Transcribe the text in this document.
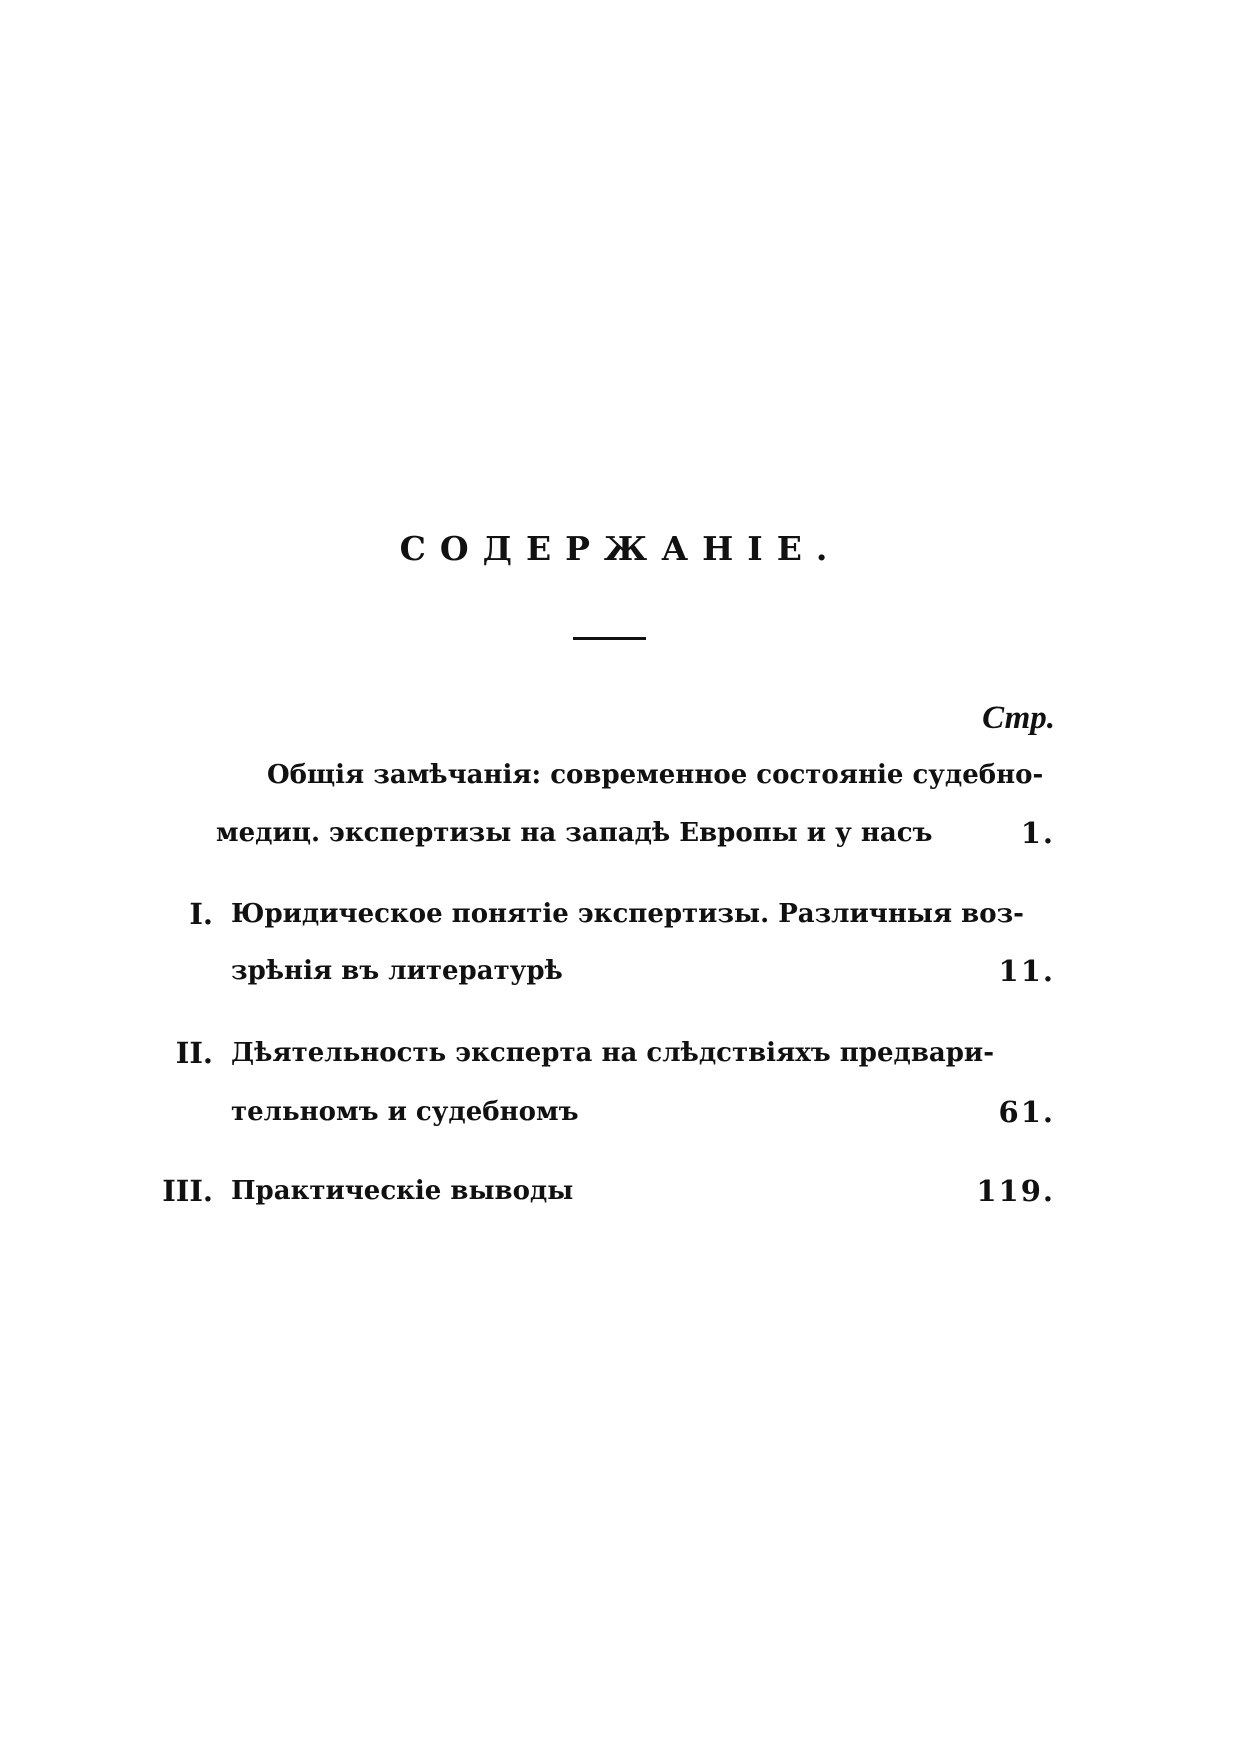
СОДЕРЖАНІЕ.
Стр.
Общія замѣчанія: современное состояніе судебно-
медиц. экспертизы на западѣ Европы и у насъ	1.
I. Юридическое понятіе экспертизы. Различныя воз-
зрѣнія въ литературѣ	11.
II. Дѣятельность эксперта на слѣдствіяхъ предвари-
тельномъ и судебномъ	61.
III. Практическіе выводы	119.
